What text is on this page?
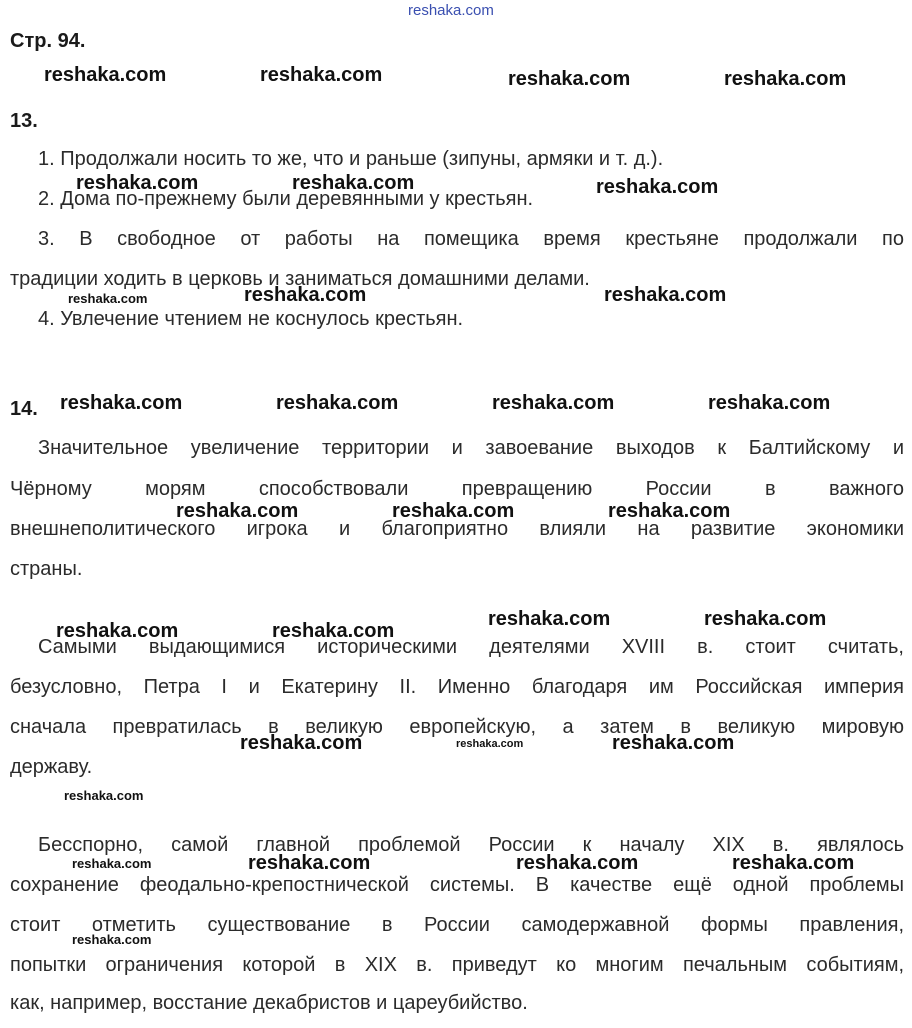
reshaka.com
Стр. 94.
13.
1. Продолжали носить то же, что и раньше (зипуны, армяки и т. д.).
2. Дома по-прежнему были деревянными у крестьян.
3. В свободное от работы на помещика время крестьяне продолжали по
традиции ходить в церковь и заниматься домашними делами.
4. Увлечение чтением не коснулось крестьян.
14.
Значительное увеличение территории и завоевание выходов к Балтийскому и
Чёрному морям способствовали превращению России в важного
внешнеполитического игрока и благоприятно влияли на развитие экономики
страны.
Самыми выдающимися историческими деятелями XVIII в. стоит считать,
безусловно, Петра I и Екатерину II. Именно благодаря им Российская империя
сначала превратилась в великую европейскую, а затем в великую мировую
державу.
Бесспорно, самой главной проблемой России к началу XIX в. являлось
сохранение феодально-крепостнической системы. В качестве ещё одной проблемы
стоит отметить существование в России самодержавной формы правления,
попытки ограничения которой в XIX в. приведут ко многим печальным событиям,
как, например, восстание декабристов и цареубийство.
reshaka.com	reshaka.com	reshaka.com	reshaka.com
reshaka.com	reshaka.com	reshaka.com
reshaka.com	reshaka.com	reshaka.com
reshaka.com	reshaka.com	reshaka.com	reshaka.com
reshaka.com	reshaka.com	reshaka.com
reshaka.com	reshaka.com
reshaka.com	reshaka.com
reshaka.com	reshaka.com	reshaka.com
reshaka.com
reshaka.com	reshaka.com	reshaka.com	reshaka.com
reshaka.com
